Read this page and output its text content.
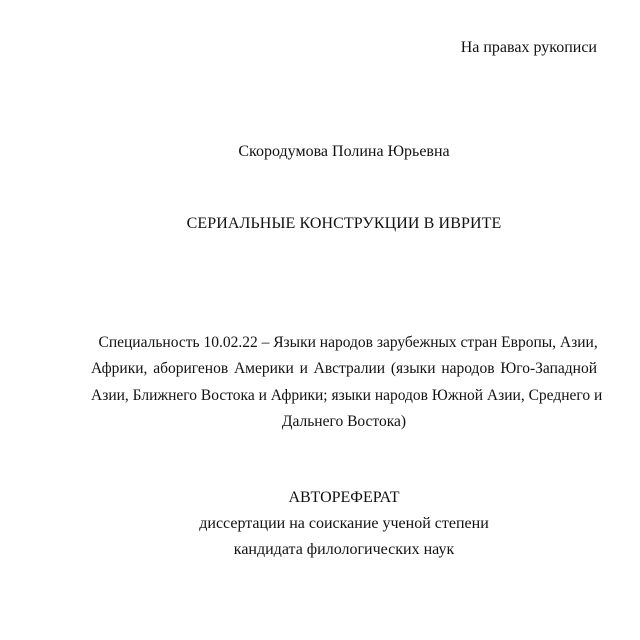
На правах рукописи
Скородумова Полина Юрьевна
СЕРИАЛЬНЫЕ КОНСТРУКЦИИ В ИВРИТЕ
Специальность 10.02.22 – Языки народов зарубежных стран Европы, Азии,
Африки, аборигенов Америки и Австралии (языки народов Юго-Западной
Азии, Ближнего Востока и Африки; языки народов Южной Азии, Среднего и
Дальнего Востока)
АВТОРЕФЕРАТ
диссертации на соискание ученой степени
кандидата филологических наук
